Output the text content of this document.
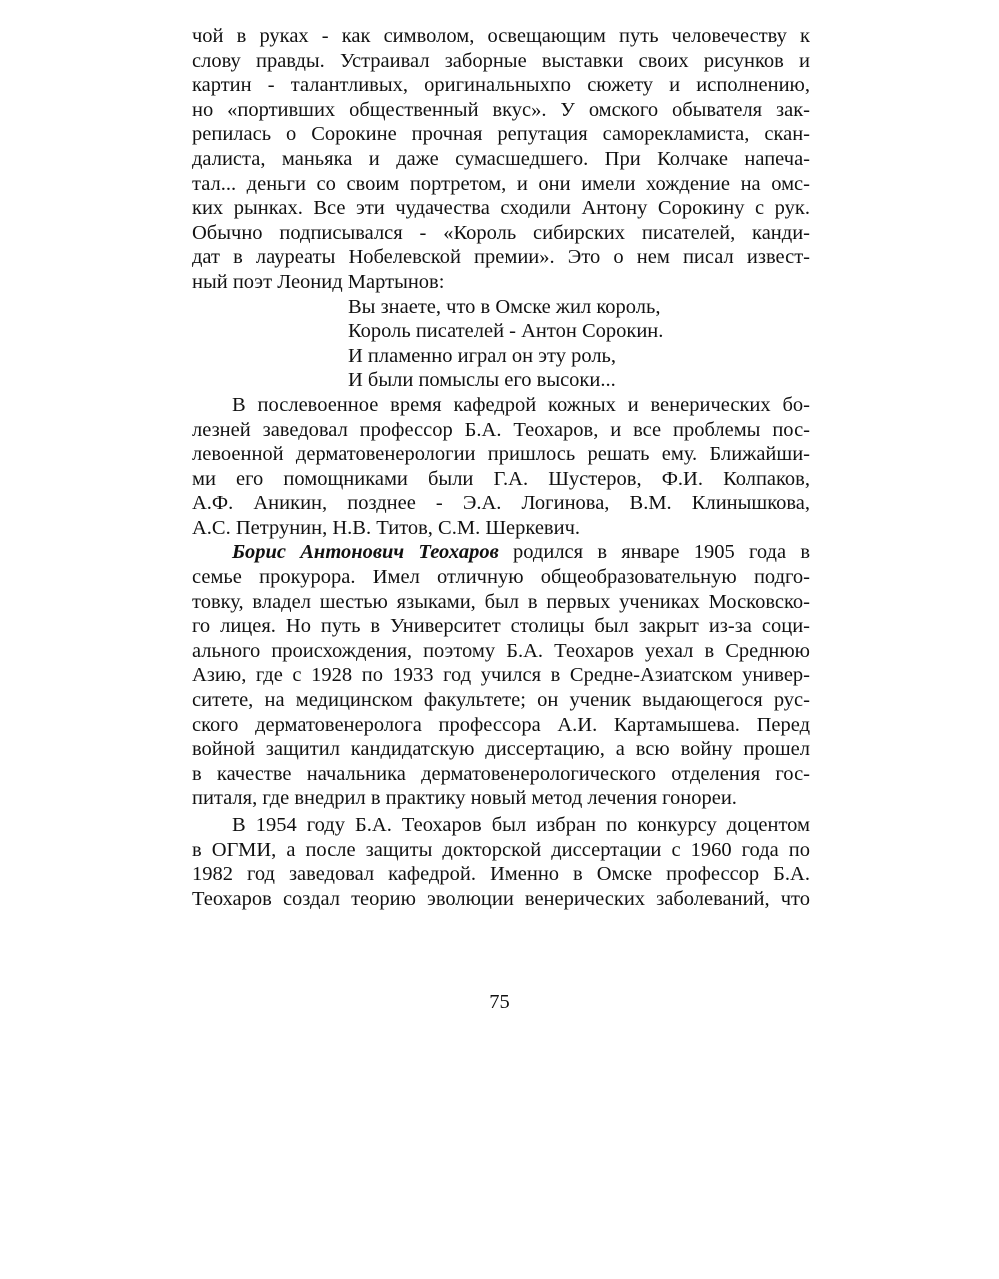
чой в руках - как символом, освещающим путь человечеству к
слову правды. Устраивал заборные выставки своих рисунков и
картин - талантливых, оригинальныхпо сюжету и исполнению,
но «портивших общественный вкус». У омского обывателя зак-
репилась о Сорокине прочная репутация саморекламиста, скан-
далиста, маньяка и даже сумасшедшего. При Колчаке напеча-
тал... деньги со своим портретом, и они имели хождение на омс-
ких рынках. Все эти чудачества сходили Антону Сорокину с рук.
Обычно подписывался - «Король сибирских писателей, канди-
дат в лауреаты Нобелевской премии». Это о нем писал извест-
ный поэт Леонид Мартынов:
Вы знаете, что в Омске жил король,
Король писателей - Антон Сорокин.
И пламенно играл он эту роль,
И были помыслы его высоки...
В послевоенное время кафедрой кожных и венерических бо-
лезней заведовал профессор Б.А. Теохаров, и все проблемы пос-
левоенной дерматовенерологии пришлось решать ему. Ближайши-
ми его помощниками были Г.А. Шустеров, Ф.И. Колпаков,
А.Ф. Аникин, позднее - Э.А. Логинова, В.М. Клинышкова,
А.С. Петрунин, Н.В. Титов, С.М. Шеркевич.
Борис Антонович Теохаров родился в январе 1905 года в
семье прокурора. Имел отличную общеобразовательную подго-
товку, владел шестью языками, был в первых учениках Московско-
го лицея. Но путь в Университет столицы был закрыт из-за соци-
ального происхождения, поэтому Б.А. Теохаров уехал в Среднюю
Азию, где с 1928 по 1933 год учился в Средне-Азиатском универ-
ситете, на медицинском факультете; он ученик выдающегося рус-
ского дерматовенеролога профессора А.И. Картамышева. Перед
войной защитил кандидатскую диссертацию, а всю войну прошел
в качестве начальника дерматовенерологического отделения гос-
питаля, где внедрил в практику новый метод лечения гонореи.
В 1954 году Б.А. Теохаров был избран по конкурсу доцентом
в ОГМИ, а после защиты докторской диссертации с 1960 года по
1982 год заведовал кафедрой. Именно в Омске профессор Б.А.
Теохаров создал теорию эволюции венерических заболеваний, что
75
